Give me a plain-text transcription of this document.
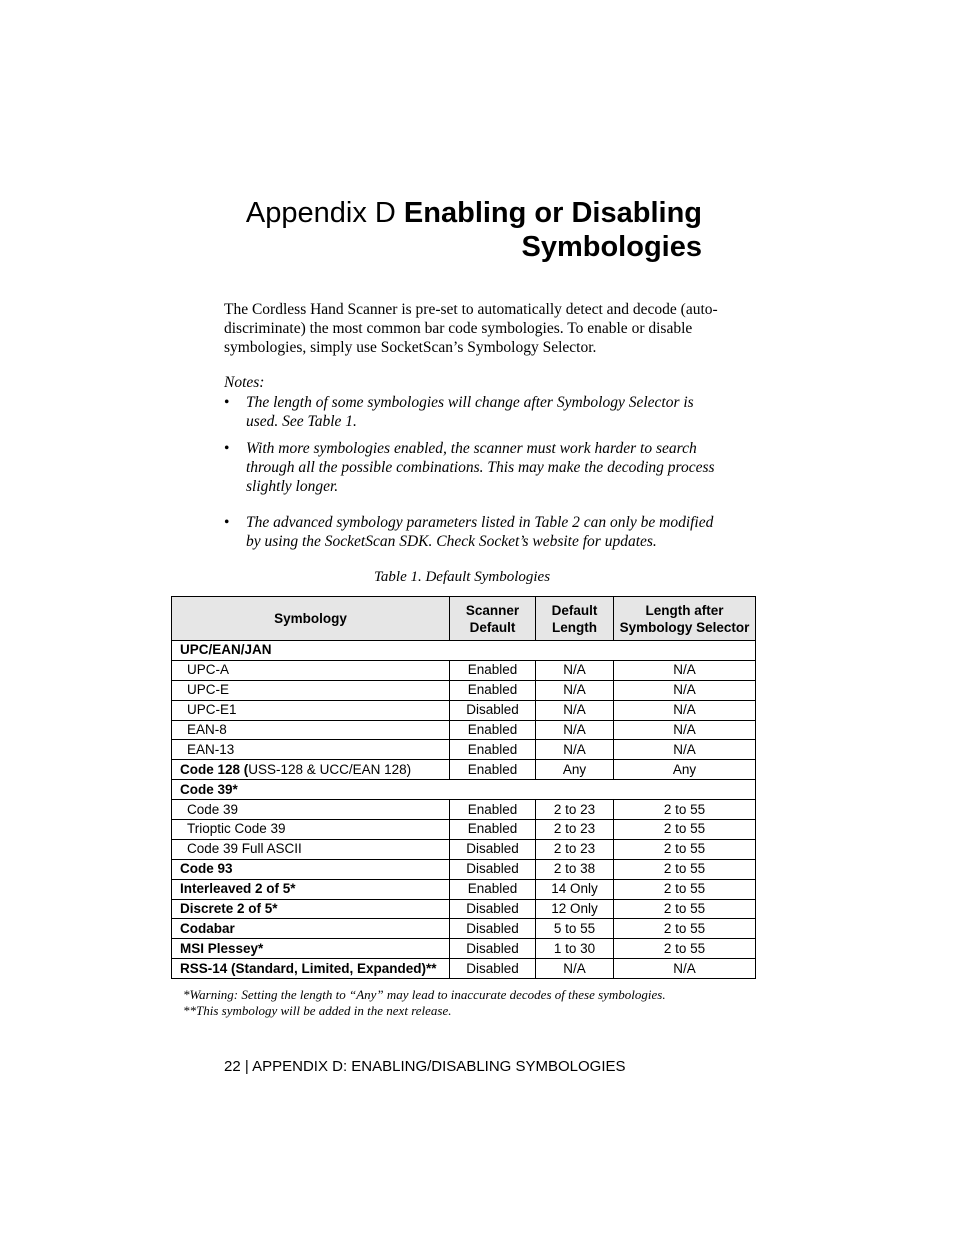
Appendix D Enabling or Disabling
Symbologies
The Cordless Hand Scanner is pre-set to automatically detect and decode (auto-discriminate) the most common bar code symbologies. To enable or disable symbologies, simply use SocketScan’s Symbology Selector.
Notes:
• The length of some symbologies will change after Symbology Selector is used. See Table 1.
• With more symbologies enabled, the scanner must work harder to search through all the possible combinations. This may make the decoding process slightly longer.
• The advanced symbology parameters listed in Table 2 can only be modified by using the SocketScan SDK. Check Socket’s website for updates.
Table 1. Default Symbologies
Symbology	Scanner Default	Default Length	Length after Symbology Selector
UPC/EAN/JAN			
UPC-A	Enabled	N/A	N/A
UPC-E	Enabled	N/A	N/A
UPC-E1	Disabled	N/A	N/A
EAN-8	Enabled	N/A	N/A
EAN-13	Enabled	N/A	N/A
Code 128 (USS-128 & UCC/EAN 128)	Enabled	Any	Any
Code 39*			
Code 39	Enabled	2 to 23	2 to 55
Trioptic Code 39	Enabled	2 to 23	2 to 55
Code 39 Full ASCII	Disabled	2 to 23	2 to 55
Code 93	Disabled	2 to 38	2 to 55
Interleaved 2 of 5*	Enabled	14 Only	2 to 55
Discrete 2 of 5*	Disabled	12 Only	2 to 55
Codabar	Disabled	5 to 55	2 to 55
MSI Plessey*	Disabled	1 to 30	2 to 55
RSS-14 (Standard, Limited, Expanded)**	Disabled	N/A	N/A
*Warning: Setting the length to “Any” may lead to inaccurate decodes of these symbologies.
**This symbology will be added in the next release.
22 | APPENDIX D: ENABLING/DISABLING SYMBOLOGIES
